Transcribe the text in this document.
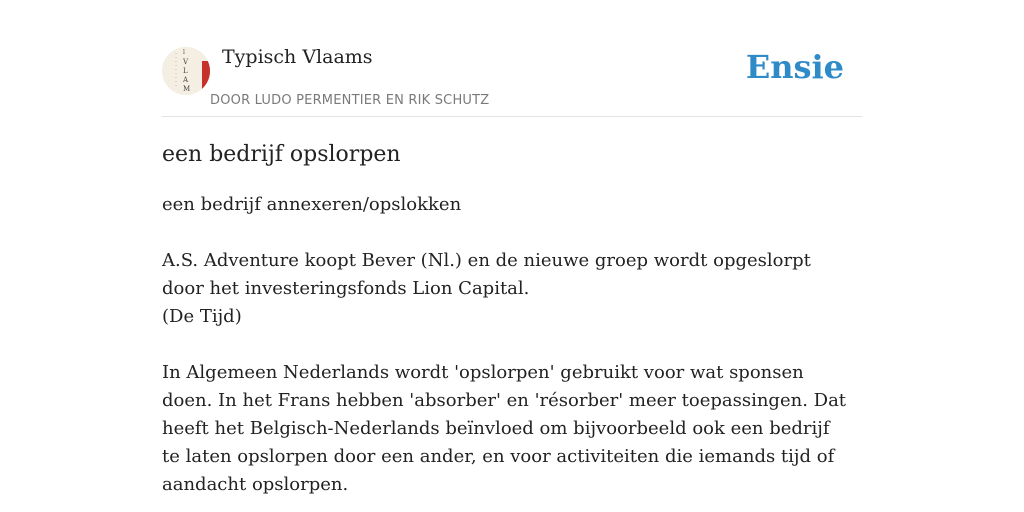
l
V
L
A
M
Typisch Vlaams
DOOR LUDO PERMENTIER EN RIK SCHUTZ
Ensie
een bedrijf opslorpen

een bedrijf annexeren/opslokken

A.S. Adventure koopt Bever (Nl.) en de nieuwe groep wordt opgeslorpt door het investeringsfonds Lion Capital.

(De Tijd)

In Algemeen Nederlands wordt 'opslorpen' gebruikt voor wat sponsen doen. In het Frans hebben 'absorber' en 'résorber' meer toepassingen. Dat heeft het Belgisch-Nederlands beïnvloed om bijvoorbeeld ook een bedrijf te laten opslorpen door een ander, en voor activiteiten die iemands tijd of aandacht opslorpen.
